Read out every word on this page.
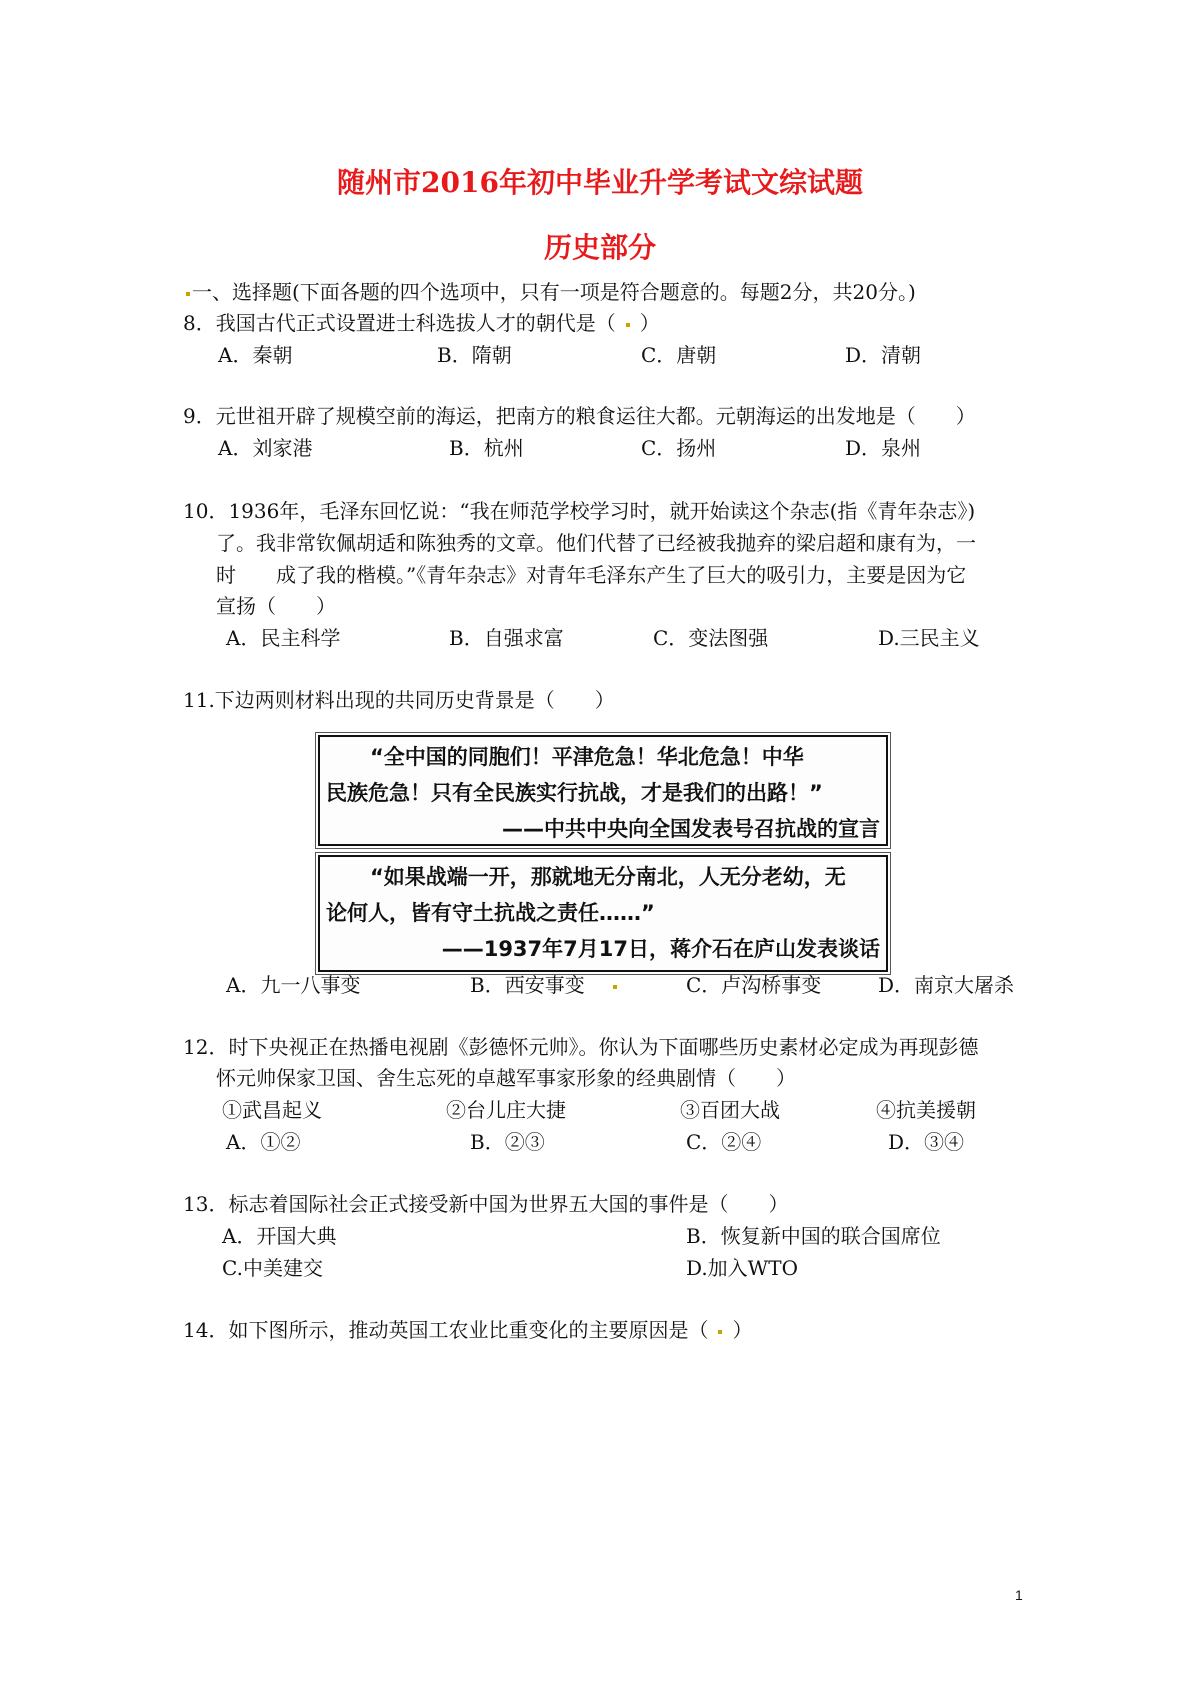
随州市2016年初中毕业升学考试文综试题
历史部分
一、选择题(下面各题的四个选项中，只有一项是符合题意的。每题2分，共20分。)
8．我国古代正式设置进士科选拔人才的朝代是（ ）
A．秦朝	B．隋朝	C．唐朝	D．清朝
9．元世祖开辟了规模空前的海运，把南方的粮食运往大都。元朝海运的出发地是（　　）
A．刘家港	B．杭州	C．扬州	D．泉州
10．1936年，毛泽东回忆说：“我在师范学校学习时，就开始读这个杂志(指《青年杂志》)
了。我非常钦佩胡适和陈独秀的文章。他们代替了已经被我抛弃的梁启超和康有为，一
时　　成了我的楷模。”《青年杂志》对青年毛泽东产生了巨大的吸引力，主要是因为它
宣扬（　　）
A．民主科学	B．自强求富	C．变法图强	D.三民主义
11.下边两则材料出现的共同历史背景是（　　）
“全中国的同胞们！平津危急！华北危急！中华
民族危急！只有全民族实行抗战，才是我们的出路！”
——中共中央向全国发表号召抗战的宣言
“如果战端一开，那就地无分南北，人无分老幼，无
论何人，皆有守土抗战之责任……”
——1937年7月17日，蒋介石在庐山发表谈话
A．九一八事变	B．西安事变	C．卢沟桥事变	D．南京大屠杀
12．时下央视正在热播电视剧《彭德怀元帅》。你认为下面哪些历史素材必定成为再现彭德
怀元帅保家卫国、舍生忘死的卓越军事家形象的经典剧情（　　）
①武昌起义	②台儿庄大捷	③百团大战	④抗美援朝
A．①②	B．②③	C．②④	D．③④
13．标志着国际社会正式接受新中国为世界五大国的事件是（　　）
A．开国大典	B．恢复新中国的联合国席位
C.中美建交	D.加入WTO
14．如下图所示，推动英国工农业比重变化的主要原因是（ ）
1
